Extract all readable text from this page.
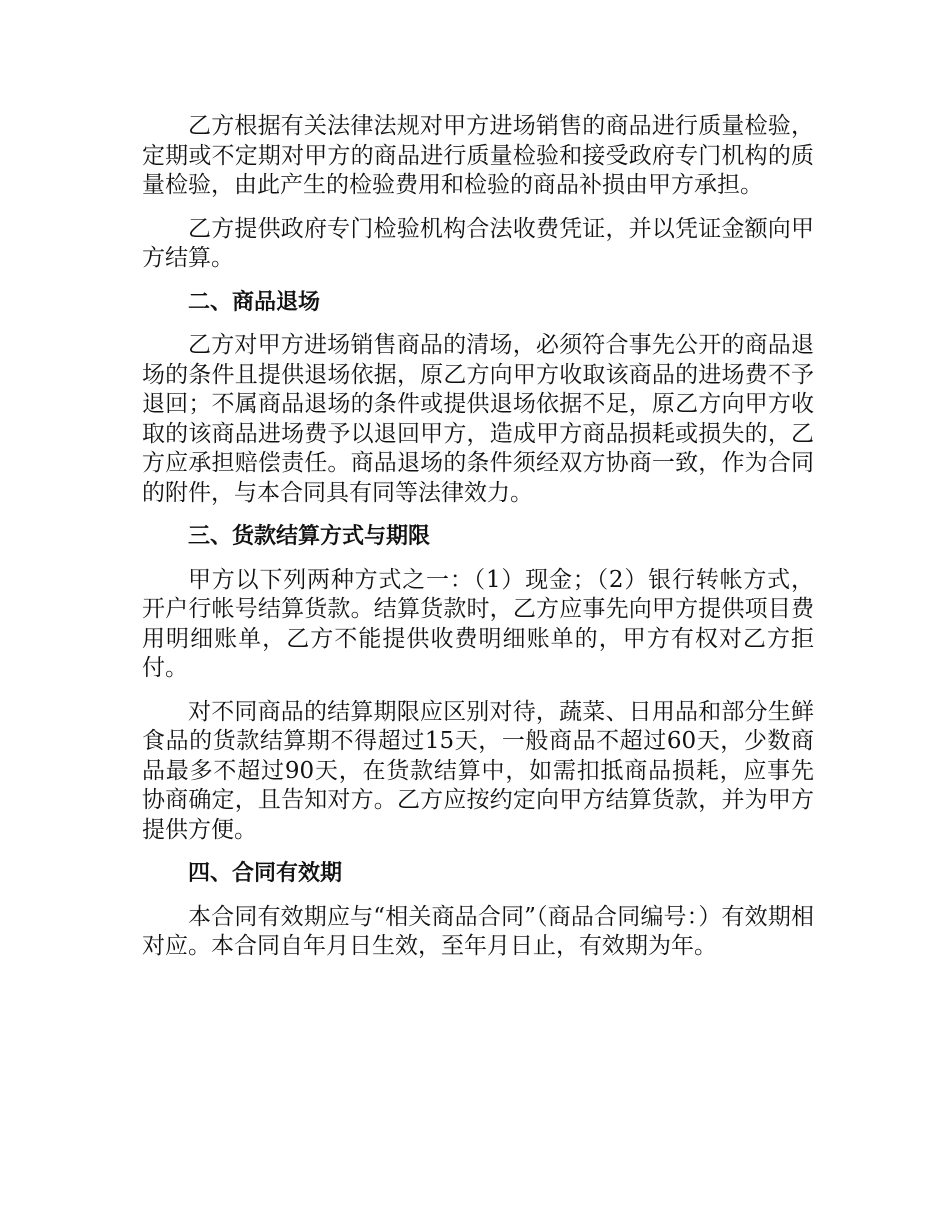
乙方根据有关法律法规对甲方进场销售的商品进行质量检验，定期或不定期对甲方的商品进行质量检验和接受政府专门机构的质量检验，由此产生的检验费用和检验的商品补损由甲方承担。

乙方提供政府专门检验机构合法收费凭证，并以凭证金额向甲方结算。

二、商品退场

乙方对甲方进场销售商品的清场，必须符合事先公开的商品退场的条件且提供退场依据，原乙方向甲方收取该商品的进场费不予退回；不属商品退场的条件或提供退场依据不足，原乙方向甲方收取的该商品进场费予以退回甲方，造成甲方商品损耗或损失的，乙方应承担赔偿责任。商品退场的条件须经双方协商一致，作为合同的附件，与本合同具有同等法律效力。

三、货款结算方式与期限

甲方以下列两种方式之一：（1）现金；（2）银行转帐方式，开户行帐号结算货款。结算货款时，乙方应事先向甲方提供项目费用明细账单，乙方不能提供收费明细账单的，甲方有权对乙方拒付。

对不同商品的结算期限应区别对待，蔬菜、日用品和部分生鲜食品的货款结算期不得超过15天，一般商品不超过60天，少数商品最多不超过90天，在货款结算中，如需扣抵商品损耗，应事先协商确定，且告知对方。乙方应按约定向甲方结算货款，并为甲方提供方便。

四、合同有效期

本合同有效期应与“相关商品合同”（商品合同编号：）有效期相对应。本合同自年月日生效，至年月日止，有效期为年。
